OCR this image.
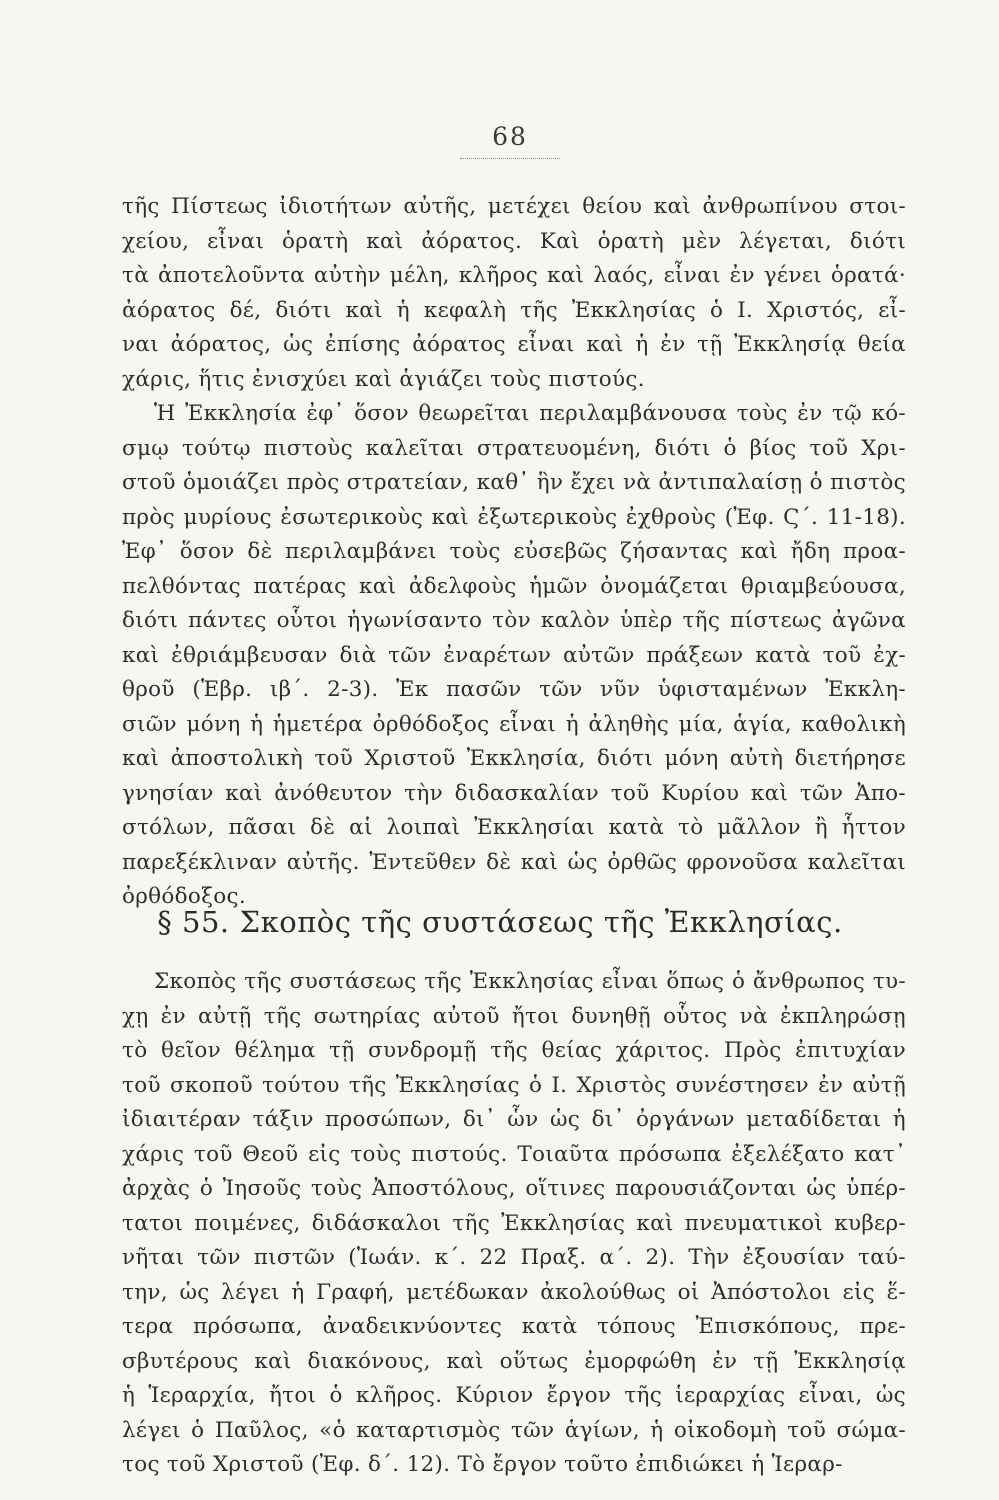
68
τῆς Πίστεως ἰδιοτήτων αὐτῆς, μετέχει θείου καὶ ἀνθρωπίνου στοι-
χείου, εἶναι ὁρατὴ καὶ ἀόρατος. Καὶ ὁρατὴ μὲν λέγεται, διότι
τὰ ἀποτελοῦντα αὐτὴν μέλη, κλῆρος καὶ λαός, εἶναι ἐν γένει ὁρατά·
ἀόρατος δέ, διότι καὶ ἡ κεφαλὴ τῆς Ἐκκλησίας ὁ Ι. Χριστός, εἶ-
ναι ἀόρατος, ὡς ἐπίσης ἀόρατος εἶναι καὶ ἡ ἐν τῇ Ἐκκλησίᾳ θεία
χάρις, ἥτις ἐνισχύει καὶ ἁγιάζει τοὺς πιστούς.
Ἡ Ἐκκλησία ἐφ᾽ ὅσον θεωρεῖται περιλαμβάνουσα τοὺς ἐν τῷ κό-
σμῳ τούτῳ πιστοὺς καλεῖται στρατευομένη, διότι ὁ βίος τοῦ Χρι-
στοῦ ὁμοιάζει πρὸς στρατείαν, καθ᾽ ἣν ἔχει νὰ ἀντιπαλαίσῃ ὁ πιστὸς
πρὸς μυρίους ἐσωτερικοὺς καὶ ἐξωτερικοὺς ἐχθροὺς (Ἐφ. Ϛ΄. 11-18).
Ἐφ᾽ ὅσον δὲ περιλαμβάνει τοὺς εὐσεβῶς ζήσαντας καὶ ἤδη προα-
πελθόντας πατέρας καὶ ἀδελφοὺς ἡμῶν ὀνομάζεται θριαμβεύουσα,
διότι πάντες οὗτοι ἠγωνίσαντο τὸν καλὸν ὑπὲρ τῆς πίστεως ἀγῶνα
καὶ ἐθριάμβευσαν διὰ τῶν ἐναρέτων αὐτῶν πράξεων κατὰ τοῦ ἐχ-
θροῦ (Ἑβρ. ιβ΄. 2-3). Ἐκ πασῶν τῶν νῦν ὑφισταμένων Ἐκκλη-
σιῶν μόνη ἡ ἡμετέρα ὀρθόδοξος εἶναι ἡ ἀληθὴς μία, ἁγία, καθολικὴ
καὶ ἀποστολικὴ τοῦ Χριστοῦ Ἐκκλησία, διότι μόνη αὐτὴ διετήρησε
γνησίαν καὶ ἀνόθευτον τὴν διδασκαλίαν τοῦ Κυρίου καὶ τῶν Ἀπο-
στόλων, πᾶσαι δὲ αἱ λοιπαὶ Ἐκκλησίαι κατὰ τὸ μᾶλλον ἢ ἧττον
παρεξέκλιναν αὐτῆς. Ἐντεῦθεν δὲ καὶ ὡς ὀρθῶς φρονοῦσα καλεῖται
ὀρθόδοξος.
§ 55. Σκοπὸς τῆς συστάσεως τῆς Ἐκκλησίας.
Σκοπὸς τῆς συστάσεως τῆς Ἐκκλησίας εἶναι ὅπως ὁ ἄνθρωπος τυ-
χῃ ἐν αὐτῇ τῆς σωτηρίας αὐτοῦ ἤτοι δυνηθῇ οὗτος νὰ ἐκπληρώσῃ
τὸ θεῖον θέλημα τῇ συνδρομῇ τῆς θείας χάριτος. Πρὸς ἐπιτυχίαν
τοῦ σκοποῦ τούτου τῆς Ἐκκλησίας ὁ Ι. Χριστὸς συνέστησεν ἐν αὐτῇ
ἰδιαιτέραν τάξιν προσώπων, δι᾽ ὧν ὡς δι᾽ ὀργάνων μεταδίδεται ἡ
χάρις τοῦ Θεοῦ εἰς τοὺς πιστούς. Τοιαῦτα πρόσωπα ἐξελέξατο κατ᾽
ἀρχὰς ὁ Ἰησοῦς τοὺς Ἀποστόλους, οἵτινες παρουσιάζονται ὡς ὑπέρ-
τατοι ποιμένες, διδάσκαλοι τῆς Ἐκκλησίας καὶ πνευματικοὶ κυβερ-
νῆται τῶν πιστῶν (Ἰωάν. κ΄. 22 Πραξ. α΄. 2). Τὴν ἐξουσίαν ταύ-
την, ὡς λέγει ἡ Γραφή, μετέδωκαν ἀκολούθως οἱ Ἀπόστολοι εἰς ἕ-
τερα πρόσωπα, ἀναδεικνύοντες κατὰ τόπους Ἐπισκόπους, πρε-
σβυτέρους καὶ διακόνους, καὶ οὕτως ἐμορφώθη ἐν τῇ Ἐκκλησίᾳ
ἡ Ἱεραρχία, ἤτοι ὁ κλῆρος. Κύριον ἔργον τῆς ἱεραρχίας εἶναι, ὡς
λέγει ὁ Παῦλος, «ὁ καταρτισμὸς τῶν ἁγίων, ἡ οἰκοδομὴ τοῦ σώμα-
τος τοῦ Χριστοῦ (Ἐφ. δ΄. 12). Τὸ ἔργον τοῦτο ἐπιδιώκει ἡ Ἱεραρ-
